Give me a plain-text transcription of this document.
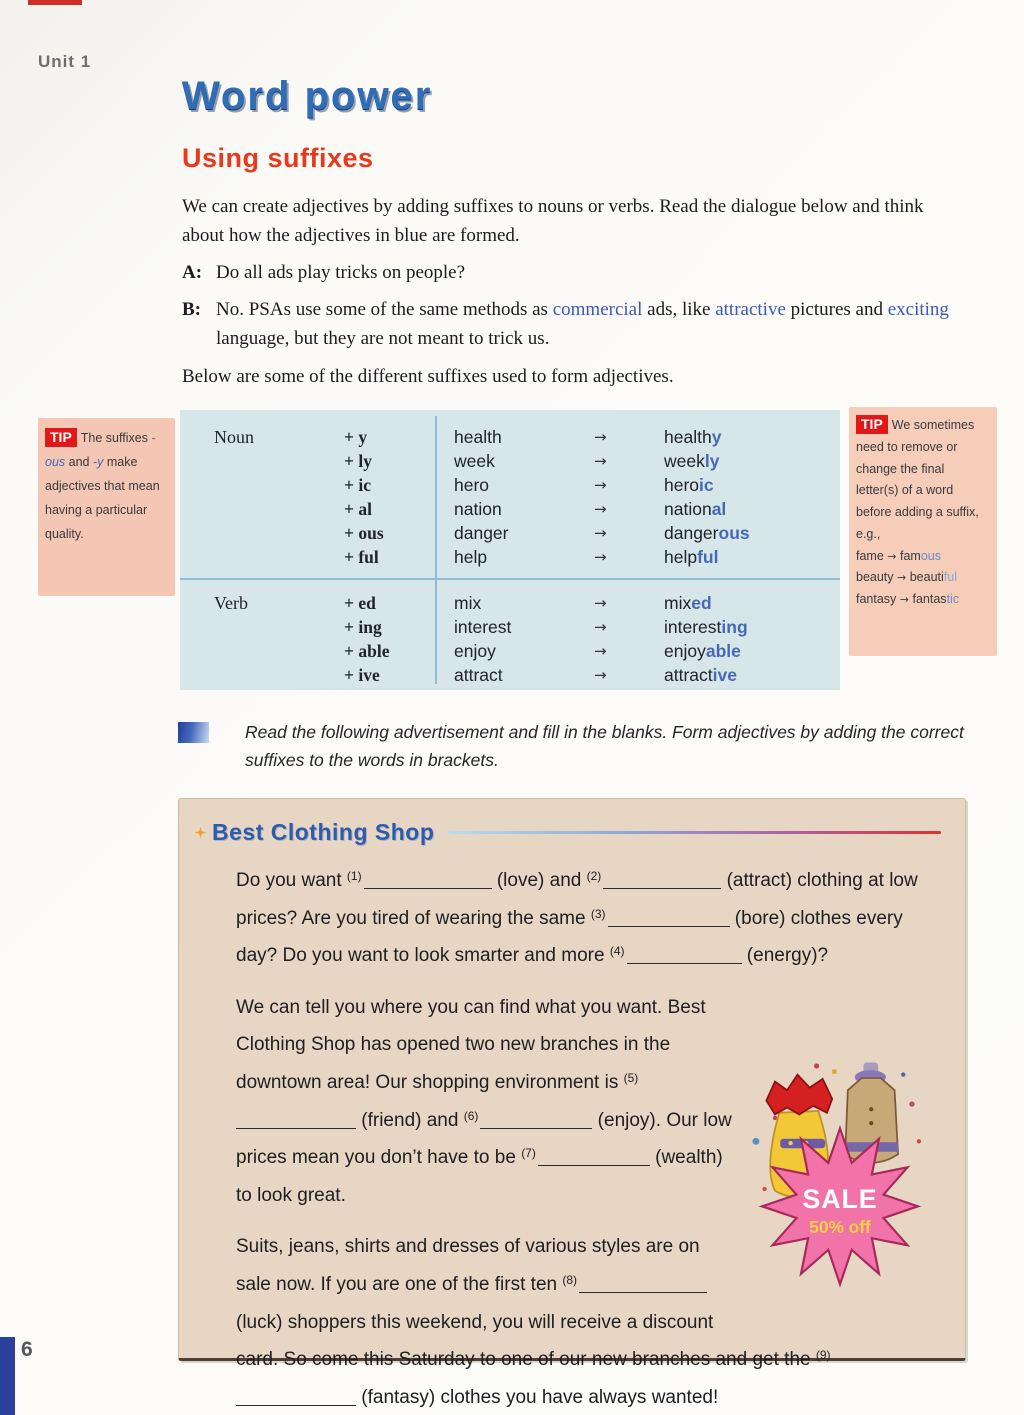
Unit 1
Word power
Using suffixes

We can create adjectives by adding suffixes to nouns or verbs. Read the dialogue below and think about how the adjectives in blue are formed.

A: Do all ads play tricks on people?
B: No. PSAs use some of the same methods as commercial ads, like attractive pictures and exciting language, but they are not meant to trick us.

Below are some of the different suffixes used to form adjectives.

Noun	+ y	health	→	healthy
+ ly	week	→	weekly
+ ic	hero	→	heroic
+ al	nation	→	national
+ ous	danger	→	dangerous
+ ful	help	→	helpful
Verb	+ ed	mix	→	mixed
+ ing	interest	→	interesting
+ able	enjoy	→	enjoyable
+ ive	attract	→	attractive
TIP The suffixes -ous and -y make adjectives that mean having a particular quality.
TIP We sometimes need to remove or change the final letter(s) of a word before adding a suffix, e.g.,
fame → famous
beauty → beautiful
fantasy → fantastic
Read the following advertisement and fill in the blanks. Form adjectives by adding the correct suffixes to the words in brackets.
Best Clothing Shop

Do you want $^{(1)}$	(love) and $^{(2)}$	(attract) clothing at low prices? Are you tired of wearing the same $^{(3)}$	(bore) clothes every day? Do you want to look smarter and more $^{(4)}$	(energy)?

SALE
50% off

We can tell you where you can find what you want. Best Clothing Shop has opened two new branches in the downtown area! Our shopping environment is $^{(5)}$ (friend) and $^{(6)}$	(enjoy). Our low prices mean you don’t have to be $^{(7)}$	(wealth) to look great.

Suits, jeans, shirts and dresses of various styles are on sale now. If you are one of the first ten $^{(8)}$ (luck) shoppers this weekend, you will receive a discount card. So come this Saturday to one of our new branches and get the $^{(9)}$ (fantasy) clothes you have always wanted!

6
